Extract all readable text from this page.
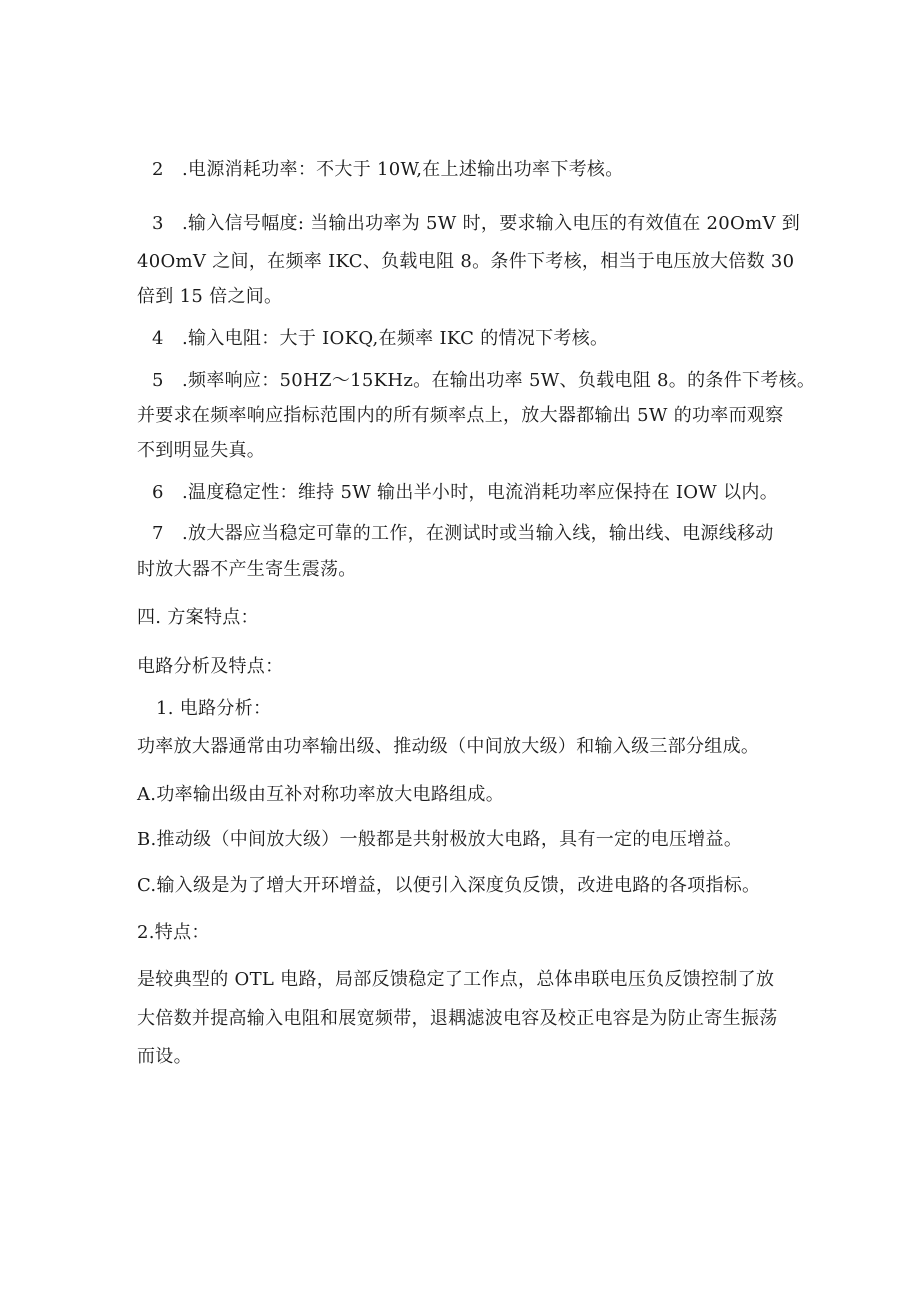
2 .电源消耗功率：不大于 10W,在上述输出功率下考核。
3 .输入信号幅度: 当输出功率为 5W 时，要求输入电压的有效值在 20OmV 到
40OmV 之间，在频率 IKC、负载电阻 8。条件下考核，相当于电压放大倍数 30
倍到 15 倍之间。
4 .输入电阻：大于 IOKQ,在频率 IKC 的情况下考核。
5 .频率响应：50HZ～15KHz。在输出功率 5W、负载电阻 8。的条件下考核。
并要求在频率响应指标范围内的所有频率点上，放大器都输出 5W 的功率而观察
不到明显失真。
6 .温度稳定性：维持 5W 输出半小时，电流消耗功率应保持在 IOW 以内。
7 .放大器应当稳定可靠的工作，在测试时或当输入线，输出线、电源线移动
时放大器不产生寄生震荡。
四. 方案特点：
电路分析及特点：
1. 电路分析：
功率放大器通常由功率输出级、推动级（中间放大级）和输入级三部分组成。
A.功率输出级由互补对称功率放大电路组成。
B.推动级（中间放大级）一般都是共射极放大电路，具有一定的电压增益。
C.输入级是为了增大开环增益，以便引入深度负反馈，改进电路的各项指标。
2.特点：
是较典型的 OTL 电路，局部反馈稳定了工作点，总体串联电压负反馈控制了放
大倍数并提高输入电阻和展宽频带，退耦滤波电容及校正电容是为防止寄生振荡
而设。
